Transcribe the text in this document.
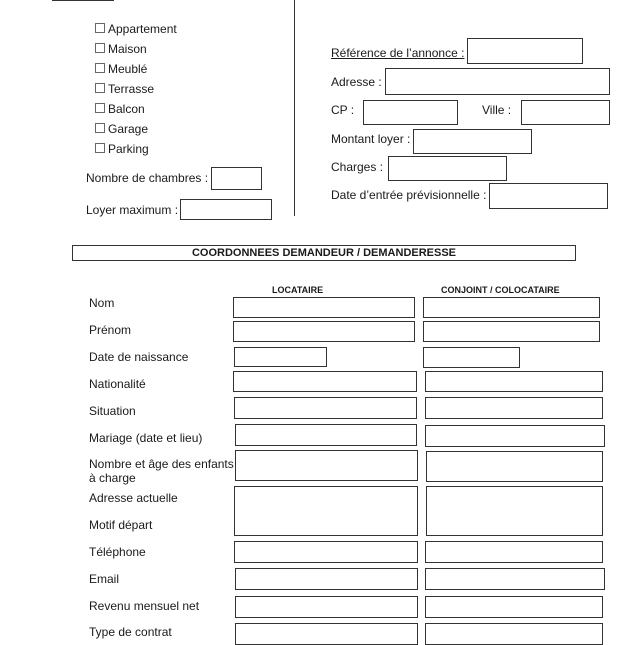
Appartement
Maison
Meublé
Terrasse
Balcon
Garage
Parking
Nombre de chambres :
Loyer maximum :
Référence de l’annonce :
Adresse :
CP :	Ville :
Montant loyer :
Charges :
Date d’entrée prévisionnelle :
COORDONNEES DEMANDEUR / DEMANDERESSE
LOCATAIRE	CONJOINT / COLOCATAIRE
Nom
Prénom
Date de naissance
Nationalité
Situation
Mariage (date et lieu)
Nombre et âge des enfants
à charge
Adresse actuelle
Motif départ
Téléphone
Email
Revenu mensuel net
Type de contrat
